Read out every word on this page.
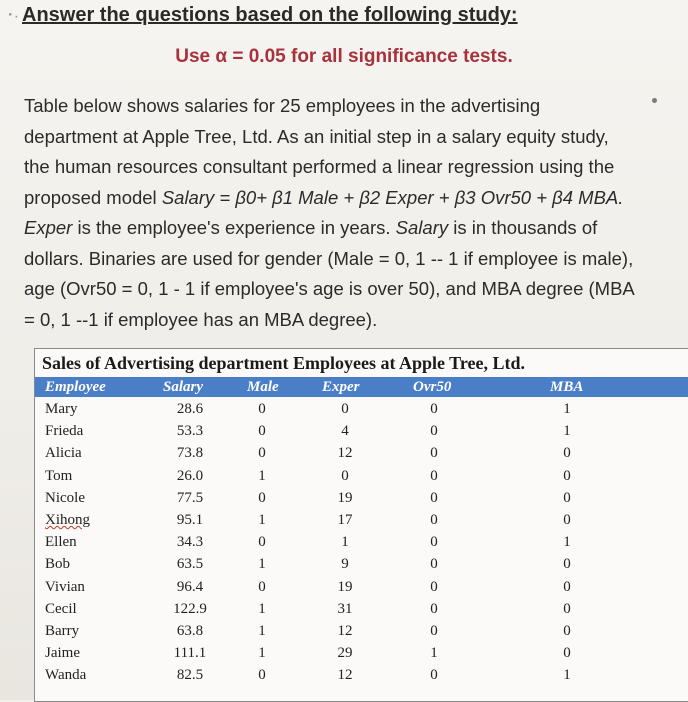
⠐· Answer the questions based on the following study:
Use α = 0.05 for all significance tests.
Table below shows salaries for 25 employees in the advertising
department at Apple Tree, Ltd. As an initial step in a salary equity study,
the human resources consultant performed a linear regression using the
proposed model Salary = β0+ β1 Male + β2 Exper + β3 Ovr50 + β4 MBA.
Exper is the employee's experience in years. Salary is in thousands of
dollars. Binaries are used for gender (Male = 0, 1 -- 1 if employee is male),
age (Ovr50 = 0, 1 - 1 if employee's age is over 50), and MBA degree (MBA
= 0, 1 --1 if employee has an MBA degree).
Sales of Advertising department Employees at Apple Tree, Ltd.
Employee	Salary	Male	Exper	Ovr50	MBA
Mary	28.6	0	0	0	1
Frieda	53.3	0	4	0	1
Alicia	73.8	0	12	0	0
Tom	26.0	1	0	0	0
Nicole	77.5	0	19	0	0
Xihong	95.1	1	17	0	0
Ellen	34.3	0	1	0	1
Bob	63.5	1	9	0	0
Vivian	96.4	0	19	0	0
Cecil	122.9	1	31	0	0
Barry	63.8	1	12	0	0
Jaime	111.1	1	29	1	0
Wanda	82.5	0	12	0	1
